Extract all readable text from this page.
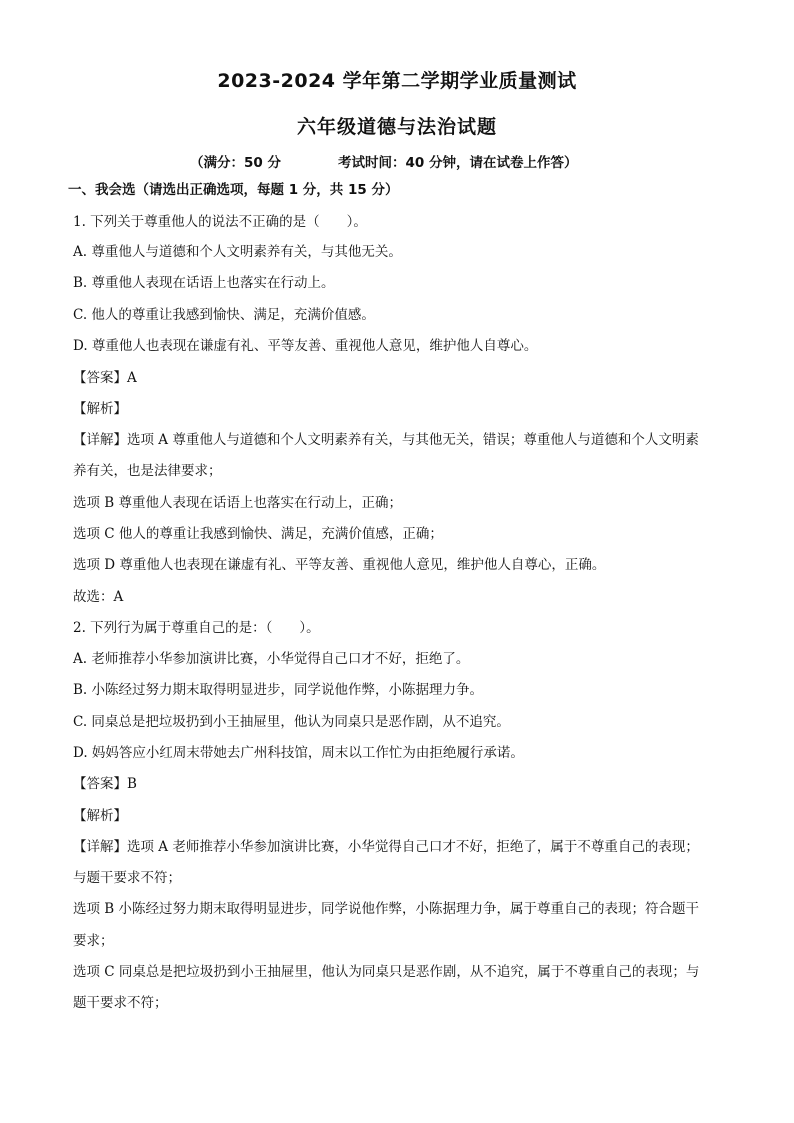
2023-2024 学年第二学期学业质量测试
六年级道德与法治试题
（满分：50 分	考试时间：40 分钟，请在试卷上作答）
一、我会选（请选出正确选项，每题 1 分，共 15 分）
1. 下列关于尊重他人的说法不正确的是（　　）。
A. 尊重他人与道德和个人文明素养有关，与其他无关。
B. 尊重他人表现在话语上也落实在行动上。
C. 他人的尊重让我感到愉快、满足，充满价值感。
D. 尊重他人也表现在谦虚有礼、平等友善、重视他人意见，维护他人自尊心。
【答案】A
【解析】
【详解】选项 A 尊重他人与道德和个人文明素养有关，与其他无关，错误；尊重他人与道德和个人文明素
养有关，也是法律要求；
选项 B 尊重他人表现在话语上也落实在行动上，正确；
选项 C 他人的尊重让我感到愉快、满足，充满价值感，正确；
选项 D 尊重他人也表现在谦虚有礼、平等友善、重视他人意见，维护他人自尊心，正确。
故选：A
2. 下列行为属于尊重自己的是：（　　）。
A. 老师推荐小华参加演讲比赛，小华觉得自己口才不好，拒绝了。
B. 小陈经过努力期末取得明显进步，同学说他作弊，小陈据理力争。
C. 同桌总是把垃圾扔到小王抽屉里，他认为同桌只是恶作剧，从不追究。
D. 妈妈答应小红周末带她去广州科技馆，周末以工作忙为由拒绝履行承诺。
【答案】B
【解析】
【详解】选项 A 老师推荐小华参加演讲比赛，小华觉得自己口才不好，拒绝了，属于不尊重自己的表现；
与题干要求不符；
选项 B 小陈经过努力期末取得明显进步，同学说他作弊，小陈据理力争，属于尊重自己的表现；符合题干
要求；
选项 C 同桌总是把垃圾扔到小王抽屉里，他认为同桌只是恶作剧，从不追究，属于不尊重自己的表现；与
题干要求不符；
